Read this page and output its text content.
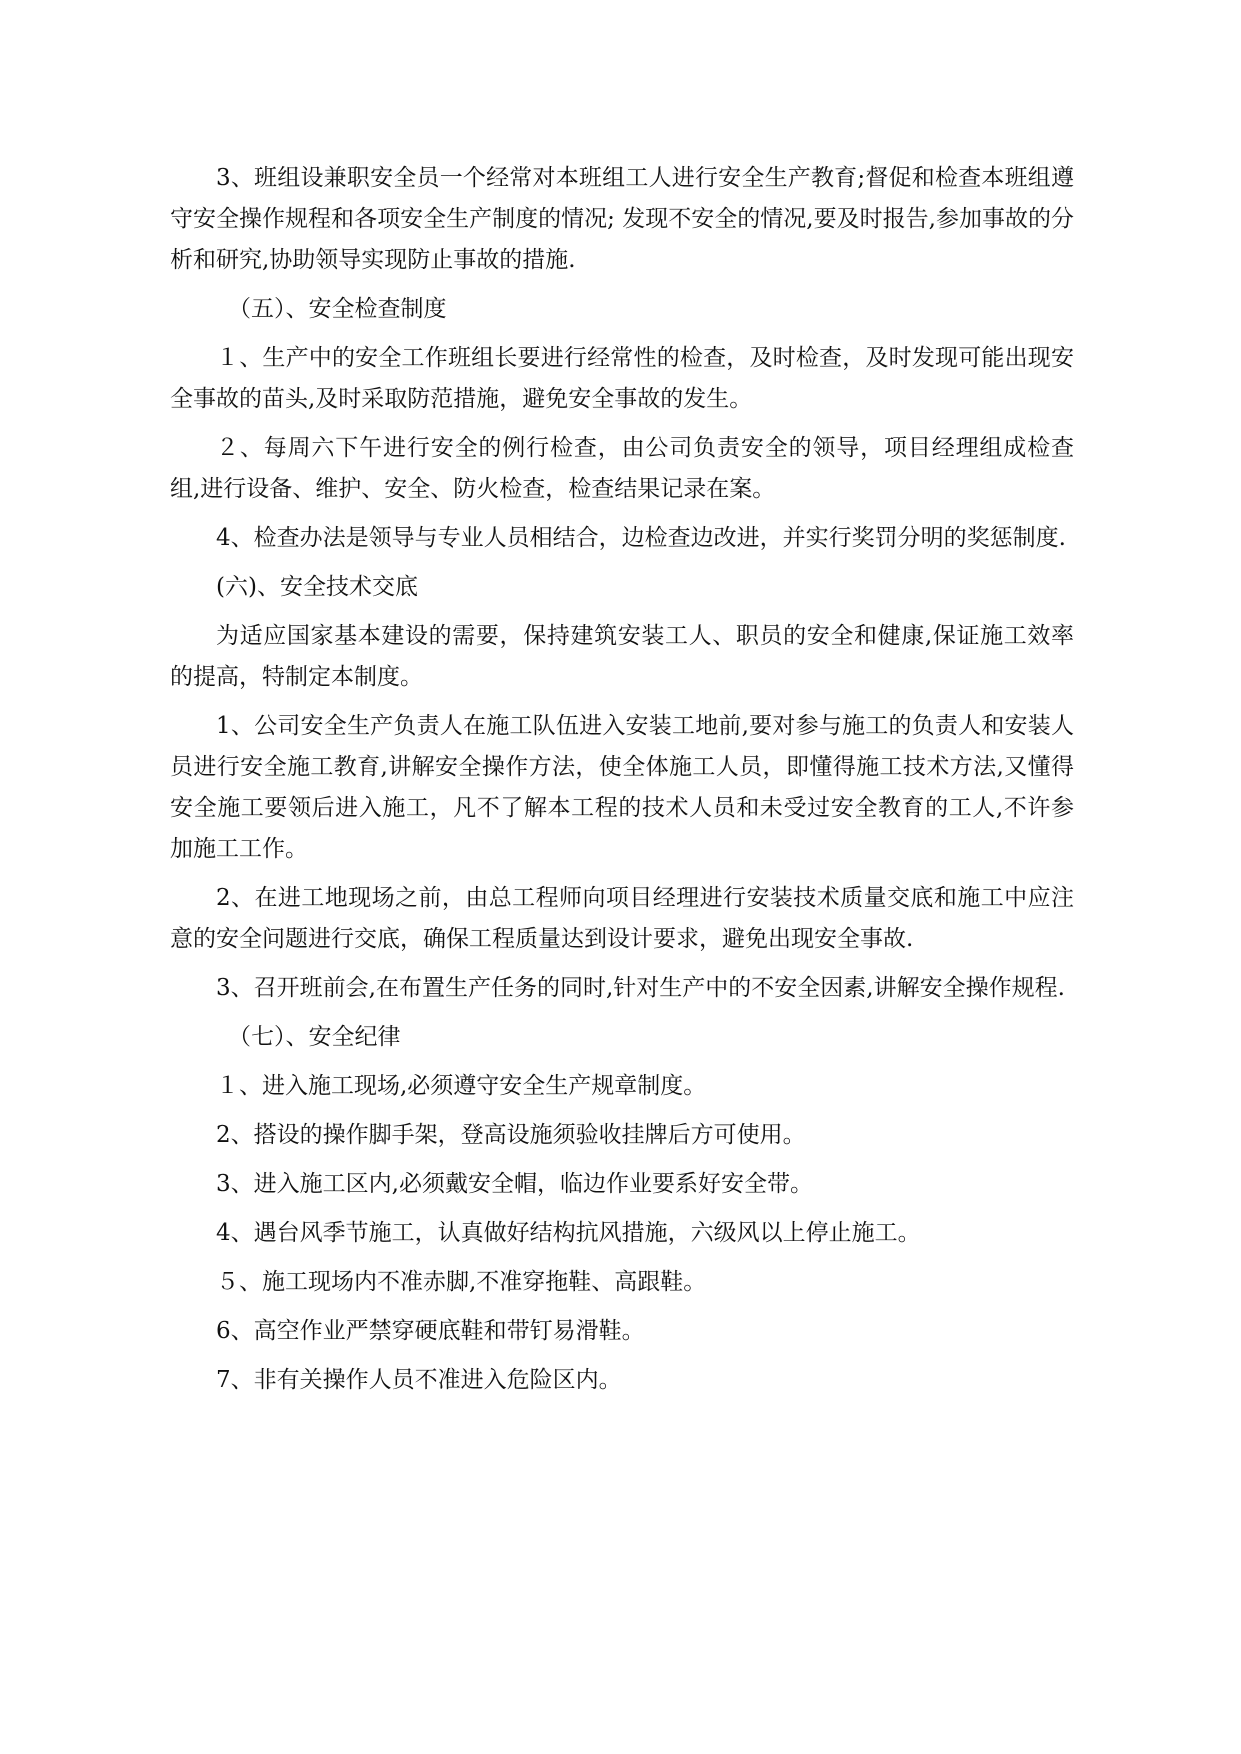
3、班组设兼职安全员一个经常对本班组工人进行安全生产教育;督促和检查本班组遵守安全操作规程和各项安全生产制度的情况; 发现不安全的情况,要及时报告,参加事故的分析和研究,协助领导实现防止事故的措施.

（五）、安全检查制度

１、生产中的安全工作班组长要进行经常性的检查，及时检查，及时发现可能出现安全事故的苗头,及时采取防范措施，避免安全事故的发生。

２、每周六下午进行安全的例行检查，由公司负责安全的领导，项目经理组成检查组,进行设备、维护、安全、防火检查，检查结果记录在案。

4、检查办法是领导与专业人员相结合，边检查边改进，并实行奖罚分明的奖惩制度.

(六)、安全技术交底

为适应国家基本建设的需要，保持建筑安装工人、职员的安全和健康,保证施工效率的提高，特制定本制度。

1、公司安全生产负责人在施工队伍进入安装工地前,要对参与施工的负责人和安装人员进行安全施工教育,讲解安全操作方法，使全体施工人员，即懂得施工技术方法,又懂得安全施工要领后进入施工，凡不了解本工程的技术人员和未受过安全教育的工人,不许参加施工工作。

2、在进工地现场之前，由总工程师向项目经理进行安装技术质量交底和施工中应注意的安全问题进行交底，确保工程质量达到设计要求，避免出现安全事故.

3、召开班前会,在布置生产任务的同时,针对生产中的不安全因素,讲解安全操作规程.

（七）、安全纪律

１、进入施工现场,必须遵守安全生产规章制度。

2、搭设的操作脚手架，登高设施须验收挂牌后方可使用。

3、进入施工区内,必须戴安全帽，临边作业要系好安全带。

4、遇台风季节施工，认真做好结构抗风措施，六级风以上停止施工。

５、施工现场内不准赤脚,不准穿拖鞋、高跟鞋。

6、高空作业严禁穿硬底鞋和带钉易滑鞋。

7、非有关操作人员不准进入危险区内。
